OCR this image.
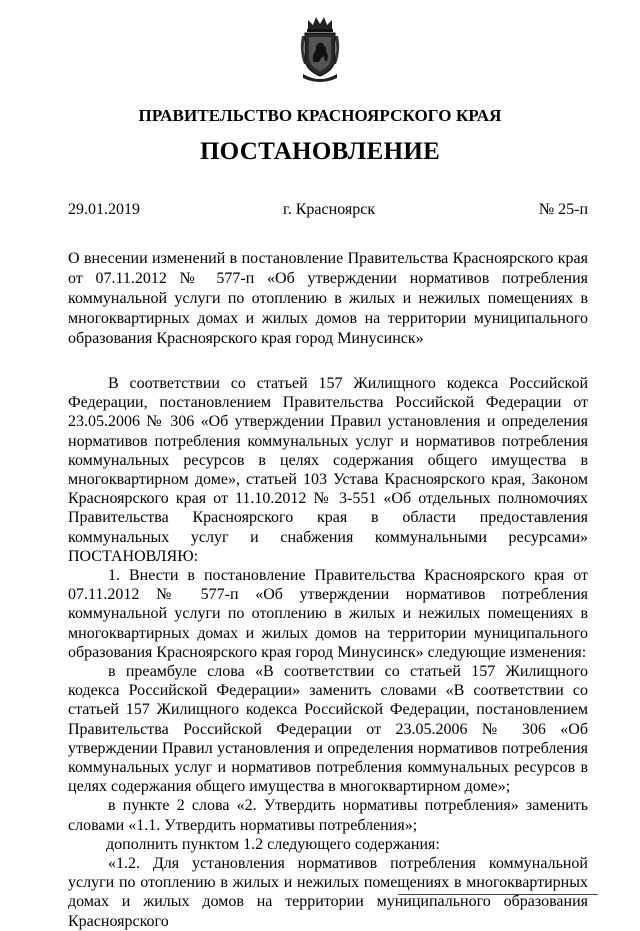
ПРАВИТЕЛЬСТВО КРАСНОЯРСКОГО КРАЯ
ПОСТАНОВЛЕНИЕ
29.01.2019	г. Красноярск	№ 25-п
О внесении изменений в постановление Правительства Красноярского края от 07.11.2012 № 577-п «Об утверждении нормативов потребления коммунальной услуги по отоплению в жилых и нежилых помещениях в многоквартирных домах и жилых домов на территории муниципального образования Красноярского края город Минусинск»

В соответствии со статьей 157 Жилищного кодекса Российской Федерации, постановлением Правительства Российской Федерации от 23.05.2006 № 306 «Об утверждении Правил установления и определения нормативов потребления коммунальных услуг и нормативов потребления коммунальных ресурсов в целях содержания общего имущества в многоквартирном доме», статьей 103 Устава Красноярского края, Законом Красноярского края от 11.10.2012 № 3-551 «Об отдельных полномочиях Правительства Красноярского края в области предоставления коммунальных услуг и снабжения коммунальными ресурсами» ПОСТАНОВЛЯЮ:

1. Внести в постановление Правительства Красноярского края от 07.11.2012 № 577-п «Об утверждении нормативов потребления коммунальной услуги по отоплению в жилых и нежилых помещениях в многоквартирных домах и жилых домов на территории муниципального образования Красноярского края город Минусинск» следующие изменения:

в преамбуле слова «В соответствии со статьей 157 Жилищного кодекса Российской Федерации» заменить словами «В соответствии со статьей 157 Жилищного кодекса Российской Федерации, постановлением Правительства Российской Федерации от 23.05.2006 № 306 «Об утверждении Правил установления и определения нормативов потребления коммунальных услуг и нормативов потребления коммунальных ресурсов в целях содержания общего имущества в многоквартирном доме»;

в пункте 2 слова «2. Утвердить нормативы потребления» заменить словами «1.1. Утвердить нормативы потребления»;

дополнить пунктом 1.2 следующего содержания:

«1.2. Для установления нормативов потребления коммунальной услуги по отоплению в жилых и нежилых помещениях в многоквартирных домах и жилых домов на территории муниципального образования Красноярского
